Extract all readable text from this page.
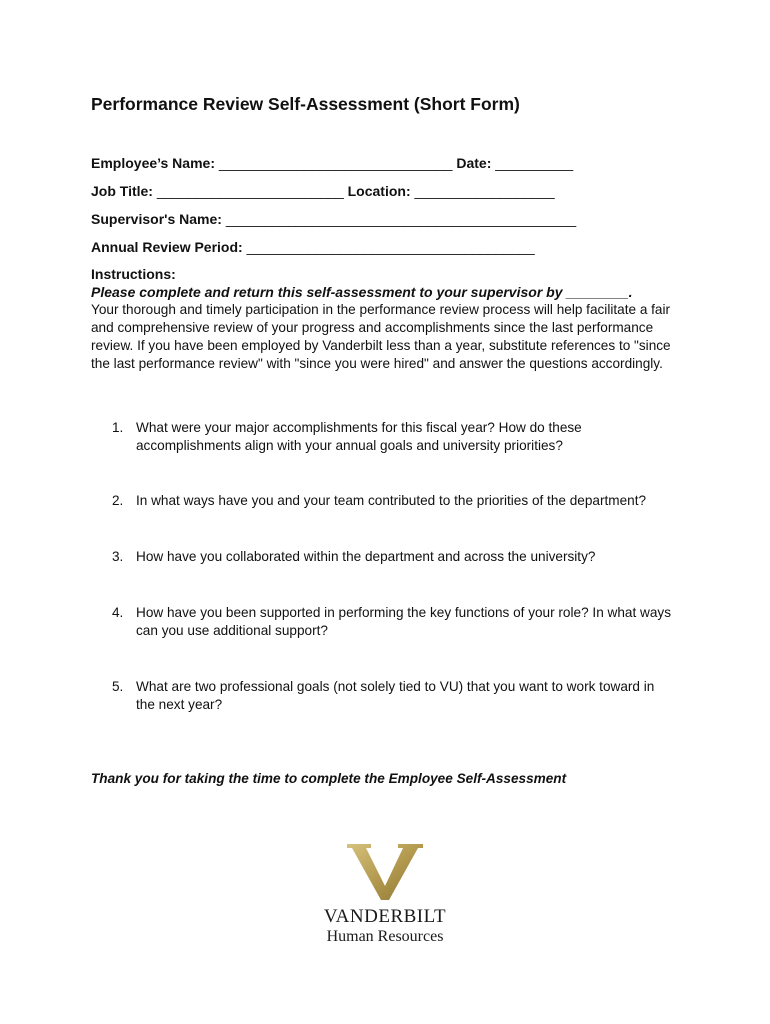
Performance Review Self-Assessment (Short Form)
Employee’s Name: ______________________________ Date: __________
Job Title: ________________________ Location: __________________
Supervisor's Name: _____________________________________________
Annual Review Period: _____________________________________
Instructions:
Please complete and return this self-assessment to your supervisor by ________.

Your thorough and timely participation in the performance review process will help facilitate a fair and comprehensive review of your progress and accomplishments since the last performance review. If you have been employed by Vanderbilt less than a year, substitute references to "since the last performance review" with "since you were hired" and answer the questions accordingly.

1. What were your major accomplishments for this fiscal year? How do these accomplishments align with your annual goals and university priorities?
2. In what ways have you and your team contributed to the priorities of the department?
3. How have you collaborated within the department and across the university?
4. How have you been supported in performing the key functions of your role? In what ways can you use additional support?
5. What are two professional goals (not solely tied to VU) that you want to work toward in the next year?
Thank you for taking the time to complete the Employee Self-Assessment
VANDERBILT
Human Resources
